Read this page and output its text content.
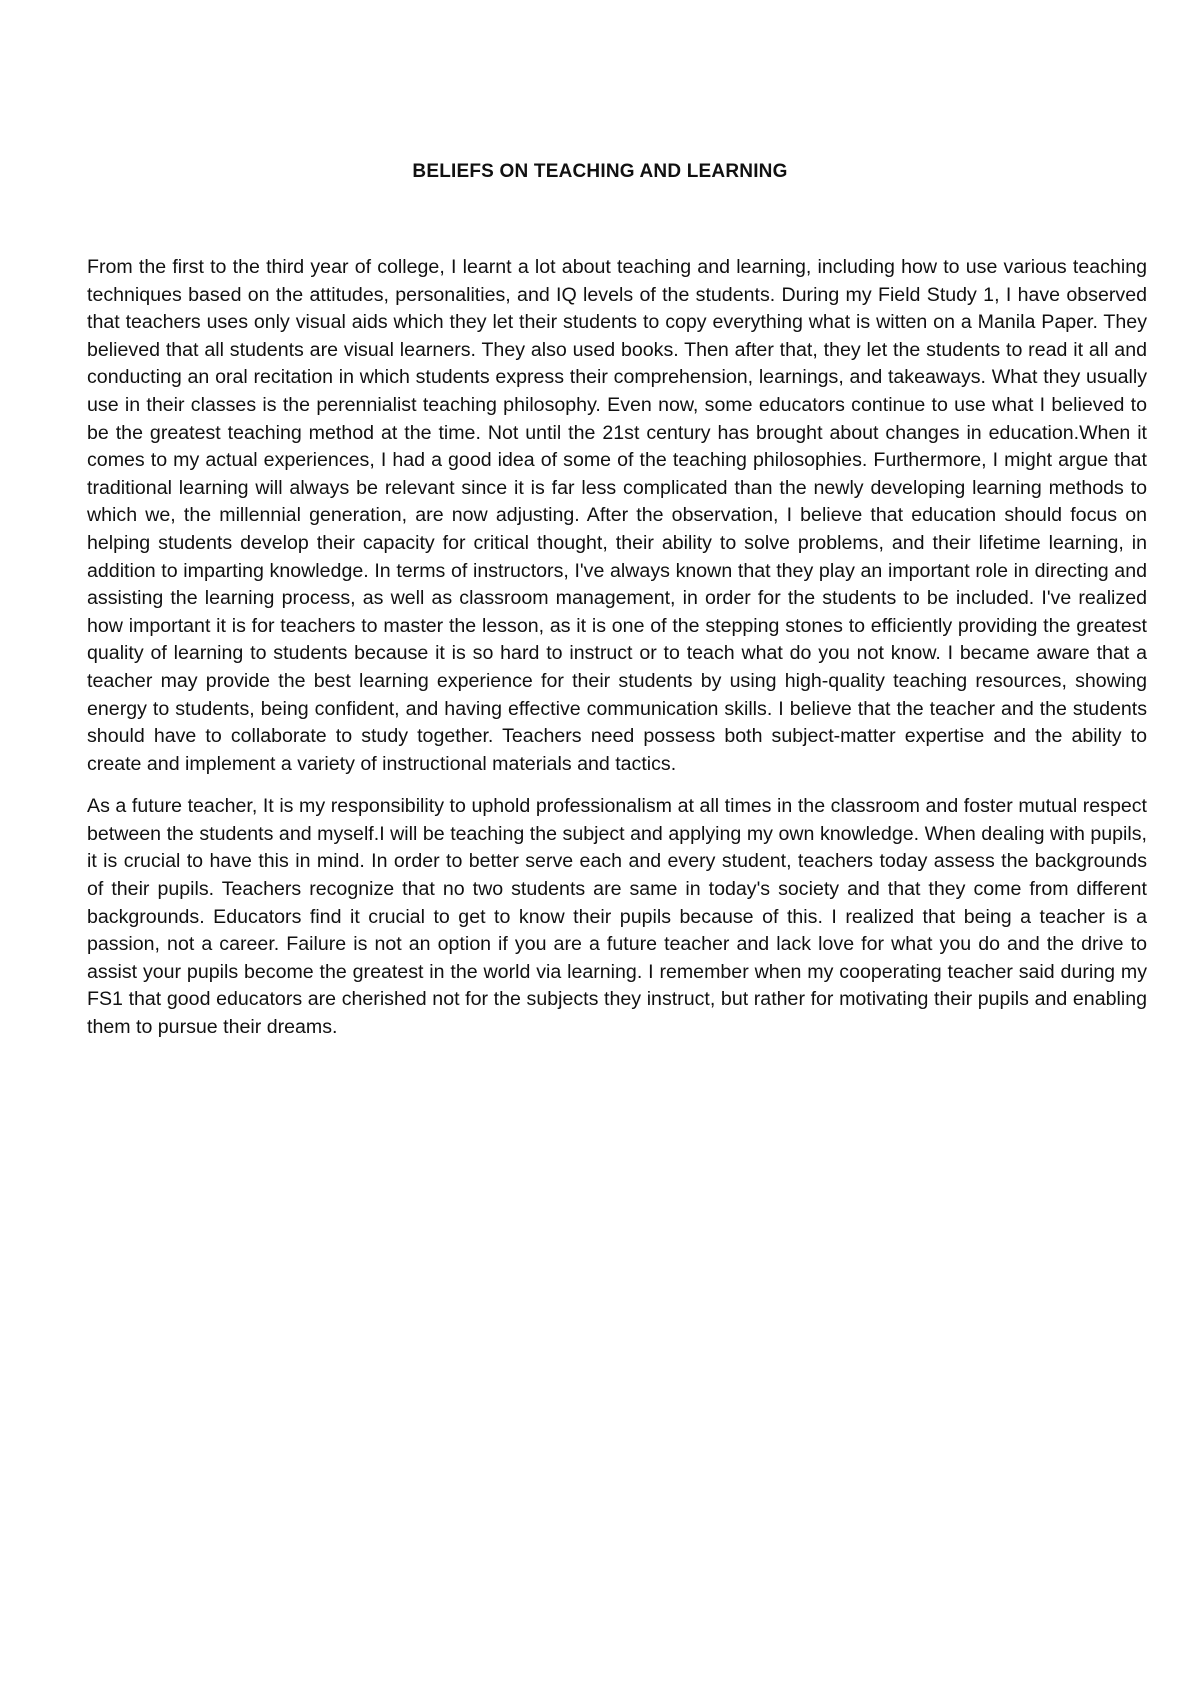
BELIEFS ON TEACHING AND LEARNING

From the first to the third year of college, I learnt a lot about teaching and learning, including how to use various teaching techniques based on the attitudes, personalities, and IQ levels of the students. During my Field Study 1, I have observed that teachers uses only visual aids which they let their students to copy everything what is witten on a Manila Paper. They believed that all students are visual learners. They also used books. Then after that, they let the students to read it all and conducting an oral recitation in which students express their comprehension, learnings, and takeaways. What they usually use in their classes is the perennialist teaching philosophy. Even now, some educators continue to use what I believed to be the greatest teaching method at the time. Not until the 21st century has brought about changes in education.When it comes to my actual experiences, I had a good idea of some of the teaching philosophies. Furthermore, I might argue that traditional learning will always be relevant since it is far less complicated than the newly developing learning methods to which we, the millennial generation, are now adjusting. After the observation, I believe that education should focus on helping students develop their capacity for critical thought, their ability to solve problems, and their lifetime learning, in addition to imparting knowledge. In terms of instructors, I've always known that they play an important role in directing and assisting the learning process, as well as classroom management, in order for the students to be included. I've realized how important it is for teachers to master the lesson, as it is one of the stepping stones to efficiently providing the greatest quality of learning to students because it is so hard to instruct or to teach what do you not know. I became aware that a teacher may provide the best learning experience for their students by using high-quality teaching resources, showing energy to students, being confident, and having effective communication skills. I believe that the teacher and the students should have to collaborate to study together. Teachers need possess both subject-matter expertise and the ability to create and implement a variety of instructional materials and tactics.

As a future teacher, It is my responsibility to uphold professionalism at all times in the classroom and foster mutual respect between the students and myself.I will be teaching the subject and applying my own knowledge. When dealing with pupils, it is crucial to have this in mind. In order to better serve each and every student, teachers today assess the backgrounds of their pupils. Teachers recognize that no two students are same in today's society and that they come from different backgrounds. Educators find it crucial to get to know their pupils because of this. I realized that being a teacher is a passion, not a career. Failure is not an option if you are a future teacher and lack love for what you do and the drive to assist your pupils become the greatest in the world via learning. I remember when my cooperating teacher said during my FS1 that good educators are cherished not for the subjects they instruct, but rather for motivating their pupils and enabling them to pursue their dreams.
